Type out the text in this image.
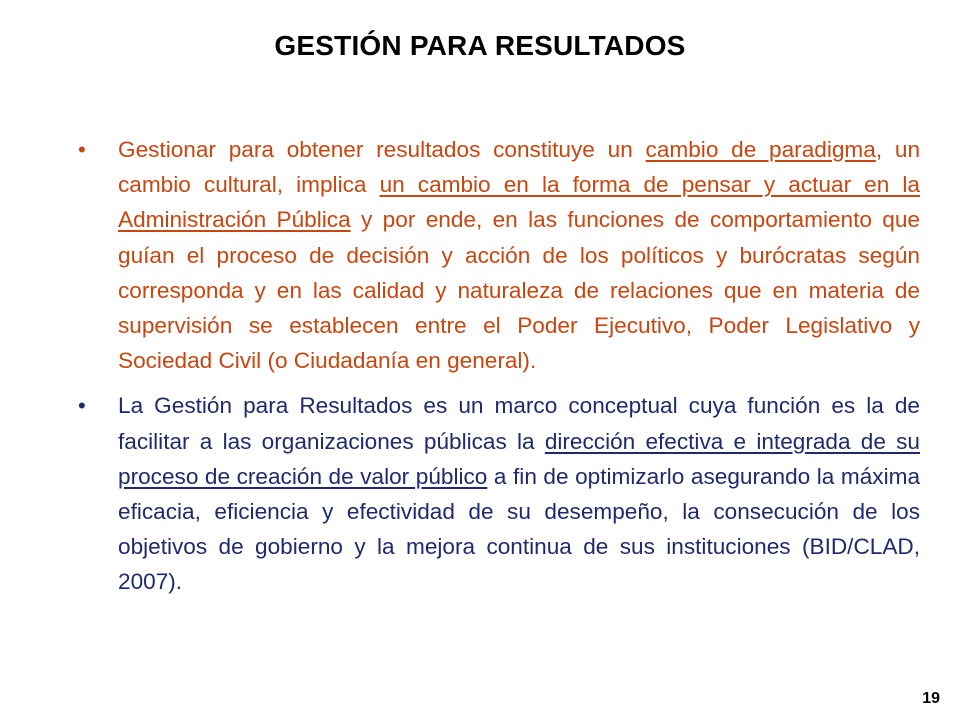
GESTIÓN PARA RESULTADOS
• Gestionar para obtener resultados constituye un cambio de paradigma, un cambio cultural, implica un cambio en la forma de pensar y actuar en la Administración Pública y por ende, en las funciones de comportamiento que guían el proceso de decisión y acción de los políticos y burócratas según corresponda y en las calidad y naturaleza de relaciones que en materia de supervisión se establecen entre el Poder Ejecutivo, Poder Legislativo y Sociedad Civil (o Ciudadanía en general).
• La Gestión para Resultados es un marco conceptual cuya función es la de facilitar a las organizaciones públicas la dirección efectiva e integrada de su proceso de creación de valor público a fin de optimizarlo asegurando la máxima eficacia, eficiencia y efectividad de su desempeño, la consecución de los objetivos de gobierno y la mejora continua de sus instituciones (BID/CLAD, 2007).
19
